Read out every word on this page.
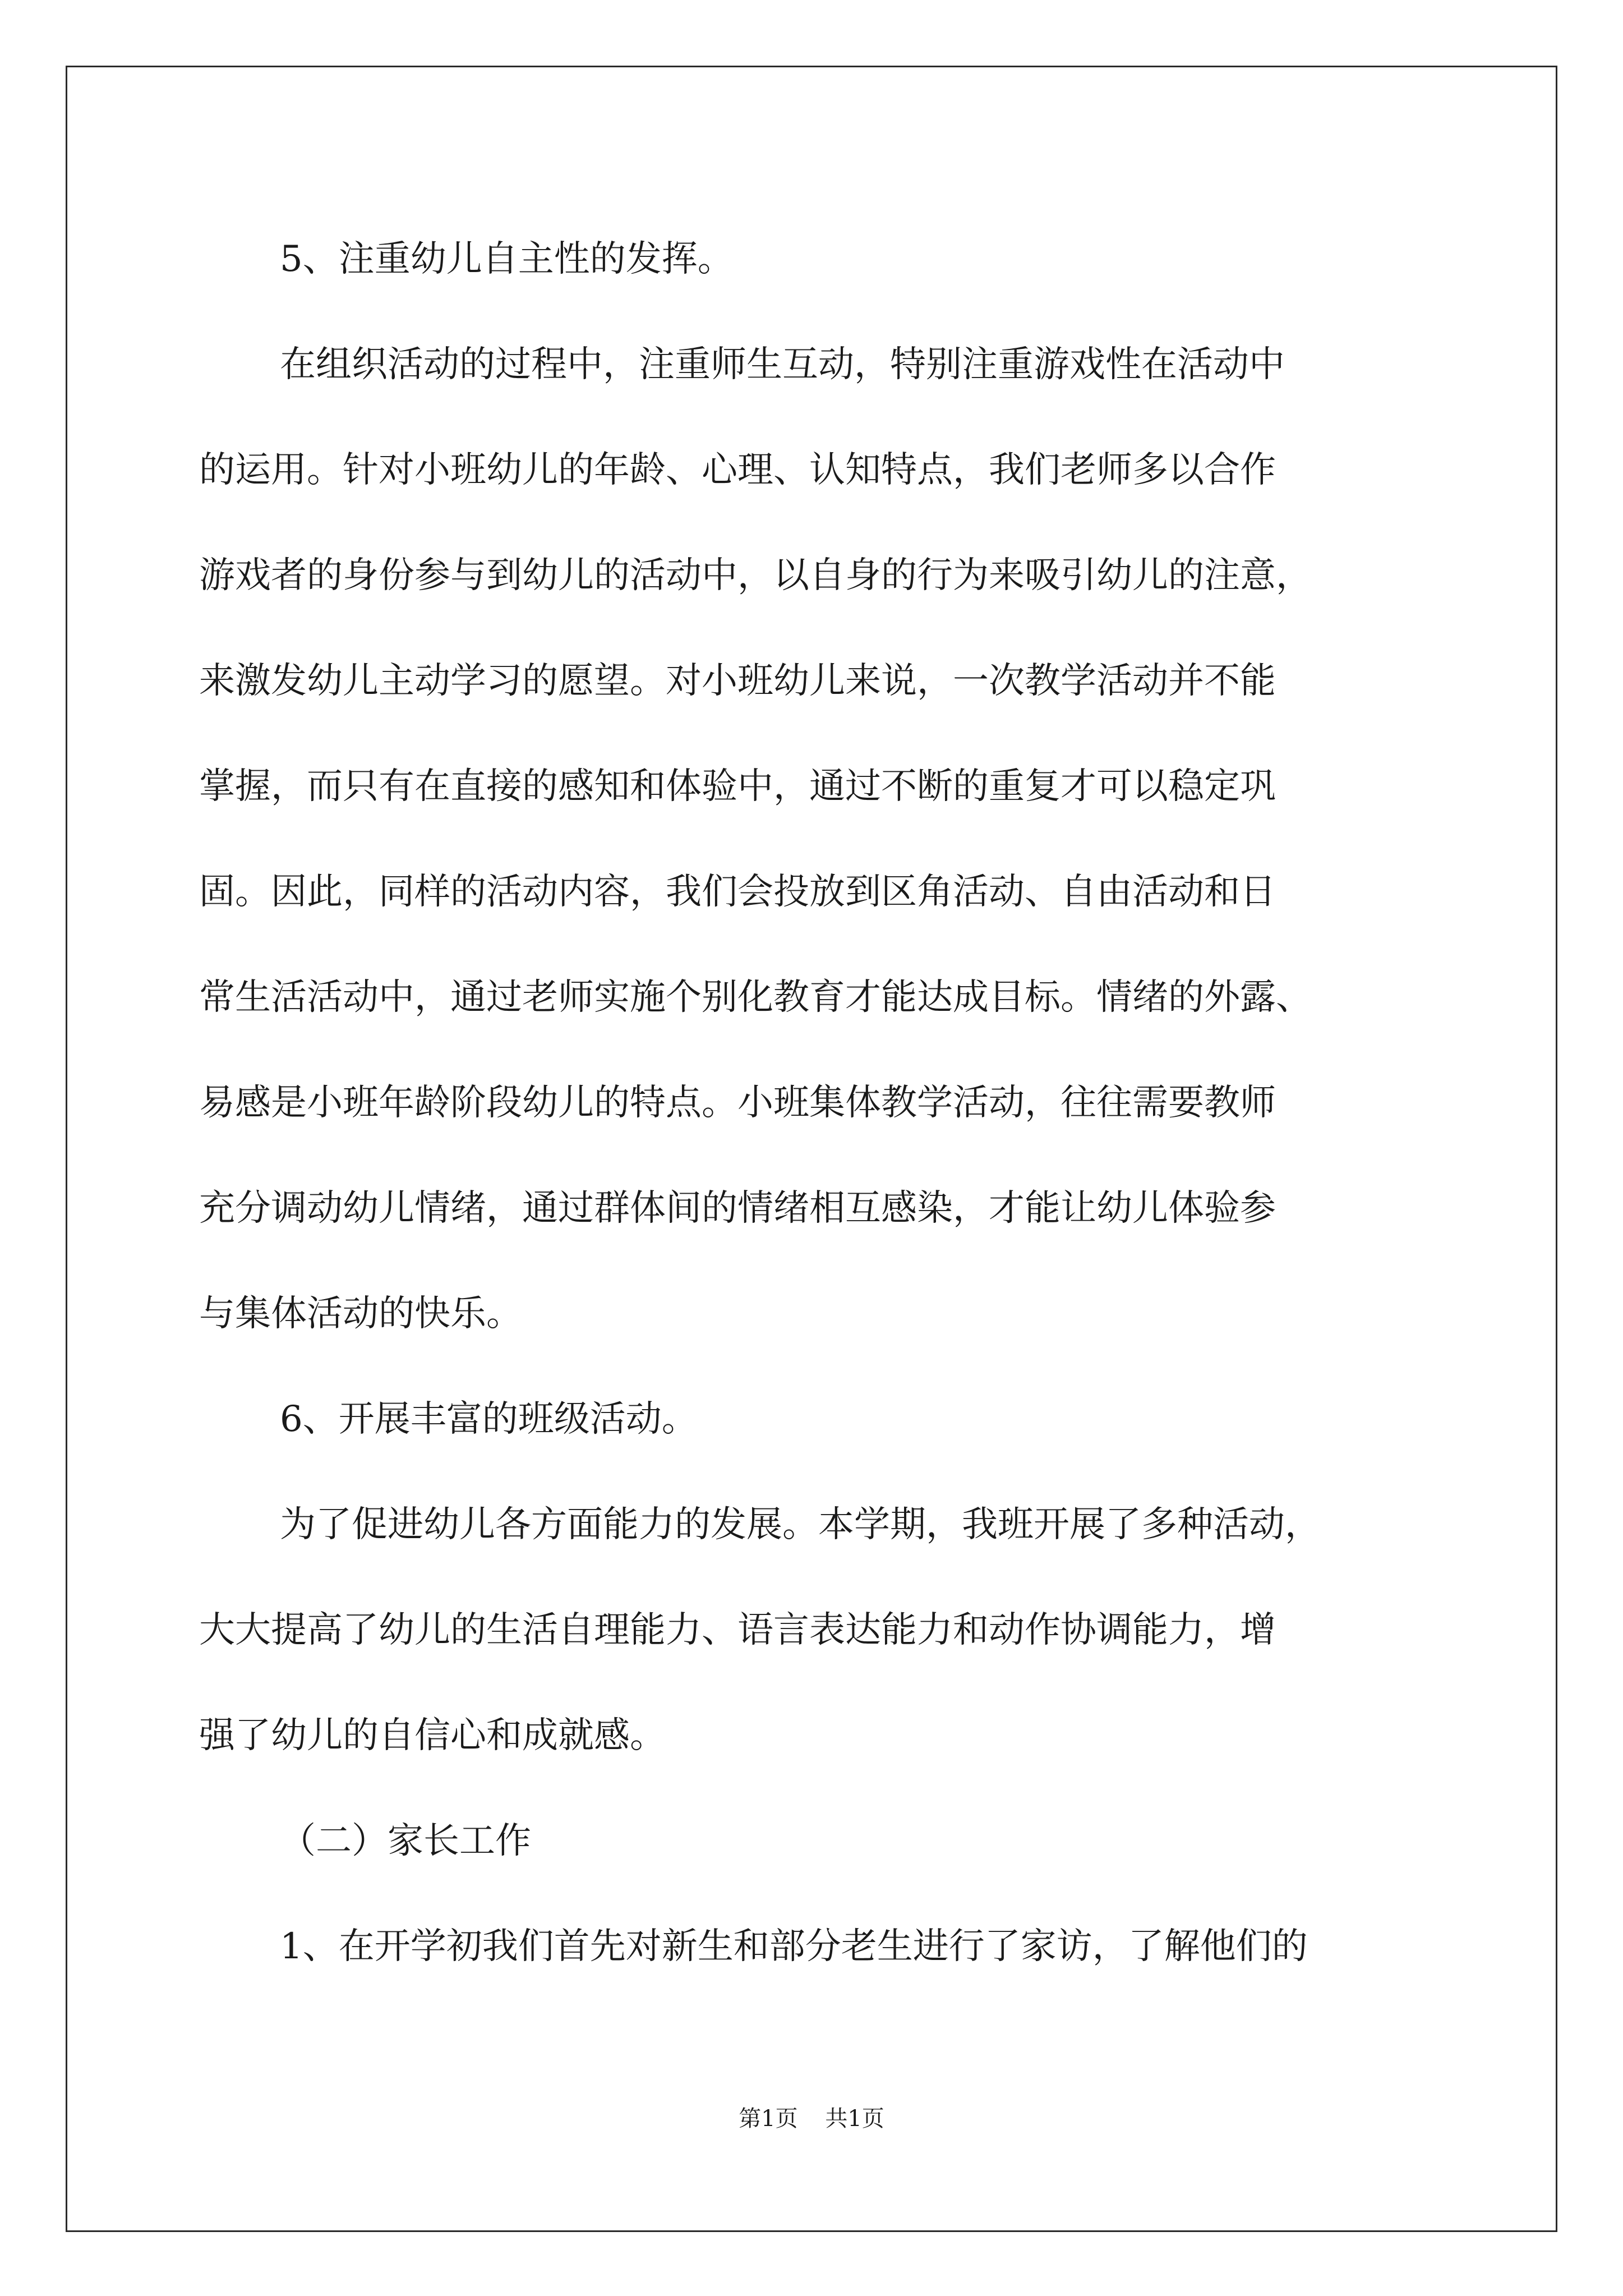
5、注重幼儿自主性的发挥。

在组织活动的过程中，注重师生互动，特别注重游戏性在活动中

的运用。针对小班幼儿的年龄、心理、认知特点，我们老师多以合作

游戏者的身份参与到幼儿的活动中，以自身的行为来吸引幼儿的注意，

来激发幼儿主动学习的愿望。对小班幼儿来说，一次教学活动并不能

掌握，而只有在直接的感知和体验中，通过不断的重复才可以稳定巩

固。因此，同样的活动内容，我们会投放到区角活动、自由活动和日

常生活活动中，通过老师实施个别化教育才能达成目标。情绪的外露、

易感是小班年龄阶段幼儿的特点。小班集体教学活动，往往需要教师

充分调动幼儿情绪，通过群体间的情绪相互感染，才能让幼儿体验参

与集体活动的快乐。

6、开展丰富的班级活动。

为了促进幼儿各方面能力的发展。本学期，我班开展了多种活动，

大大提高了幼儿的生活自理能力、语言表达能力和动作协调能力，增

强了幼儿的自信心和成就感。

（二）家长工作

1、在开学初我们首先对新生和部分老生进行了家访，了解他们的

第1页 共1页
